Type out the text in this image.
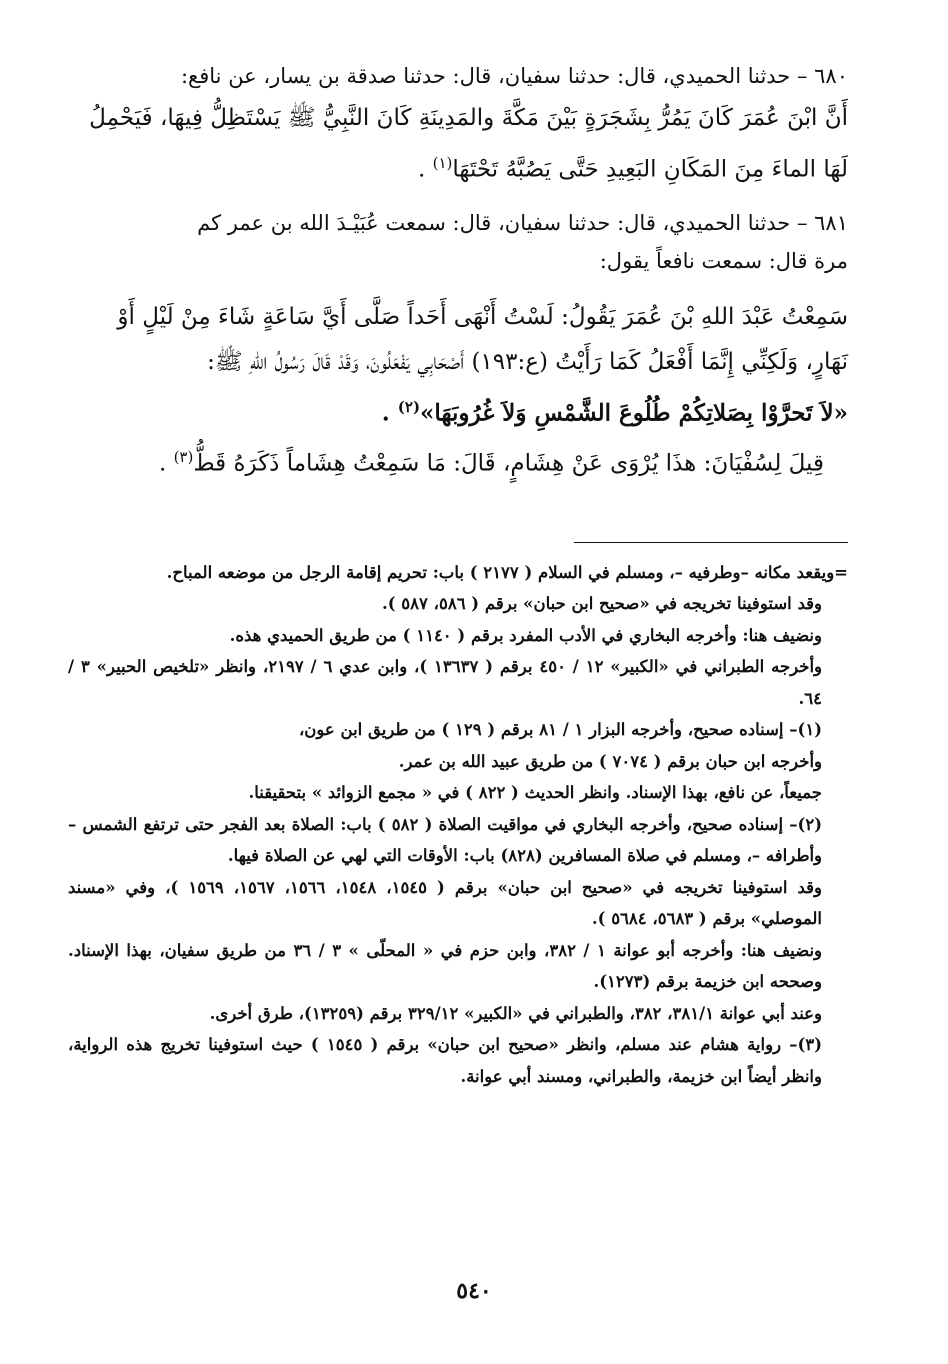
٦٨٠ – حدثنا الحميدي، قال: حدثنا سفيان، قال: حدثنا صدقة بن يسار، عن نافع:

أَنَّ ابْنَ عُمَرَ كَانَ يَمُرُّ بِشَجَرَةٍ بَيْنَ مَكَّةَ والمَدِينَةِ كَانَ النَّبِيُّ ﷺ يَسْتَظِلُّ فِيهَا، فَيَحْمِلُ

لَهَا الماءَ مِنَ المَكَانِ البَعِيدِ حَتَّى يَصُبَّهُ تَحْتَهَا$^{(١)}$ .

٦٨١ – حدثنا الحميدي، قال: حدثنا سفيان، قال: سمعت عُبَيْـدَ الله بن عمر كم

مرة قال: سمعت نافعاً يقول:

سَمِعْتُ عَبْدَ اللهِ بْنَ عُمَرَ يَقُولُ: لَسْتُ أَنْهَى أَحَداً صَلَّى أَيَّ سَاعَةٍ شَاءَ مِنْ لَيْلٍ أَوْ

نَهَارٍ، وَلَكِنِّي إِنَّمَا أَفْعَلُ كَمَا رَأَيْتُ (ع:١٩٣) أَصْحَابِي يَفْعَلُونَ، وَقَدْ قَالَ رَسُولُ اللهِ ﷺ:

«لاَ تَحرَّوْا بِصَلاتِكُمْ طُلُوعَ الشَّمْسِ وَلاَ غُرُوبَهَا»$^{(٢)}$ .

قِيلَ لِسُفْيَانَ: هذَا يُرْوَى عَنْ هِشَامٍ، قَالَ: مَا سَمِعْتُ هِشَاماً ذَكَرَهُ قَطُّ$^{(٣)}$ .

=ويقعد مكانه –وطرفيه –، ومسلم في السلام ( ٢١٧٧ ) باب: تحريم إقامة الرجل من موضعه المباح.

وقد استوفينا تخريجه في «صحيح ابن حبان» برقم ( ٥٨٦، ٥٨٧ ).

ونضيف هنا: وأخرجه البخاري في الأدب المفرد برقم ( ١١٤٠ ) من طريق الحميدي هذه.

وأخرجه الطبراني في «الكبير» ١٢ / ٤٥٠ برقم ( ١٣٦٣٧ )، وابن عدي ٦ / ٢١٩٧، وانظر «تلخيص الحبير» ٣ / ٦٤.

(١)– إسناده صحيح، وأخرجه البزار ١ / ٨١ برقم ( ١٢٩ ) من طريق ابن عون،

وأخرجه ابن حبان برقم ( ٧٠٧٤ ) من طريق عبيد الله بن عمر.

جميعاً، عن نافع، بهذا الإسناد. وانظر الحديث ( ٨٢٢ ) في « مجمع الزوائد » بتحقيقنا.

(٢)– إسناده صحيح، وأخرجه البخاري في مواقيت الصلاة ( ٥٨٢ ) باب: الصلاة بعد الفجر حتى ترتفع الشمس –وأطرافه –، ومسلم في صلاة المسافرين (٨٢٨) باب: الأوقات التي لهي عن الصلاة فيها.

وقد استوفينا تخريجه في «صحيح ابن حبان» برقم ( ١٥٤٥، ١٥٤٨، ١٥٦٦، ١٥٦٧، ١٥٦٩ )، وفي «مسند الموصلي» برقم ( ٥٦٨٣، ٥٦٨٤ ).

ونضيف هنا: وأخرجه أبو عوانة ١ / ٣٨٢، وابن حزم في « المحلّى » ٣ / ٣٦ من طريق سفيان، بهذا الإسناد. وصححه ابن خزيمة برقم (١٢٧٣).

وعند أبي عوانة ٣٨١/١، ٣٨٢، والطبراني في «الكبير» ٣٢٩/١٢ برقم (١٣٢٥٩)، طرق أخرى.

(٣)– رواية هشام عند مسلم، وانظر «صحيح ابن حبان» برقم ( ١٥٤٥ ) حيث استوفينا تخريج هذه الرواية، وانظر أيضاً ابن خزيمة، والطبراني، ومسند أبي عوانة.

٥٤٠
